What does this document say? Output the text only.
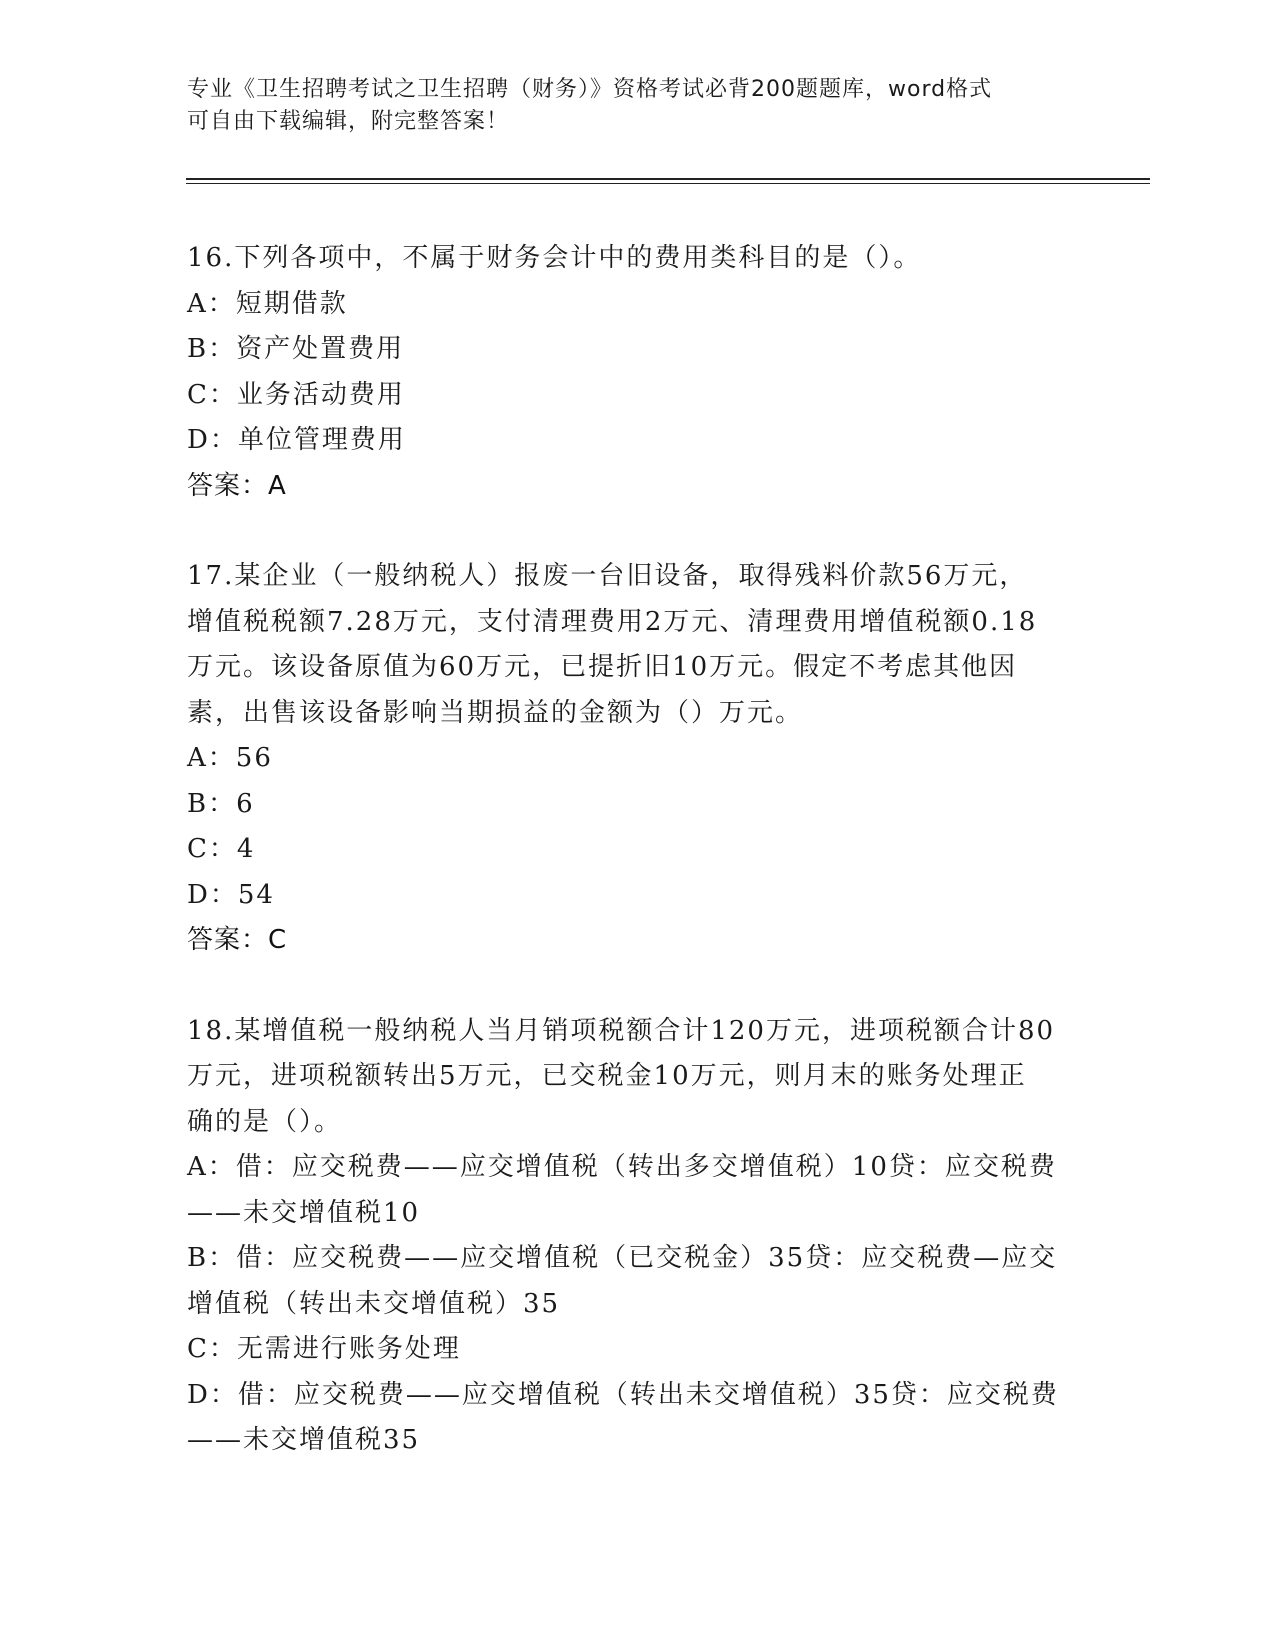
专业《卫生招聘考试之卫生招聘（财务）》资格考试必背200题题库，word格式
可自由下载编辑，附完整答案！
16.下列各项中，不属于财务会计中的费用类科目的是（）。
A：短期借款
B：资产处置费用
C：业务活动费用
D：单位管理费用
答案：A
17.某企业（一般纳税人）报废一台旧设备，取得残料价款56万元，
增值税税额7.28万元，支付清理费用2万元、清理费用增值税额0.18
万元。该设备原值为60万元，已提折旧10万元。假定不考虑其他因
素，出售该设备影响当期损益的金额为（）万元。
A：56
B：6
C：4
D：54
答案：C
18.某增值税一般纳税人当月销项税额合计120万元，进项税额合计80
万元，进项税额转出5万元，已交税金10万元，则月末的账务处理正
确的是（）。
A：借：应交税费——应交增值税（转出多交增值税）10贷：应交税费
——未交增值税10
B：借：应交税费——应交增值税（已交税金）35贷：应交税费—应交
增值税（转出未交增值税）35
C：无需进行账务处理
D：借：应交税费——应交增值税（转出未交增值税）35贷：应交税费
——未交增值税35
